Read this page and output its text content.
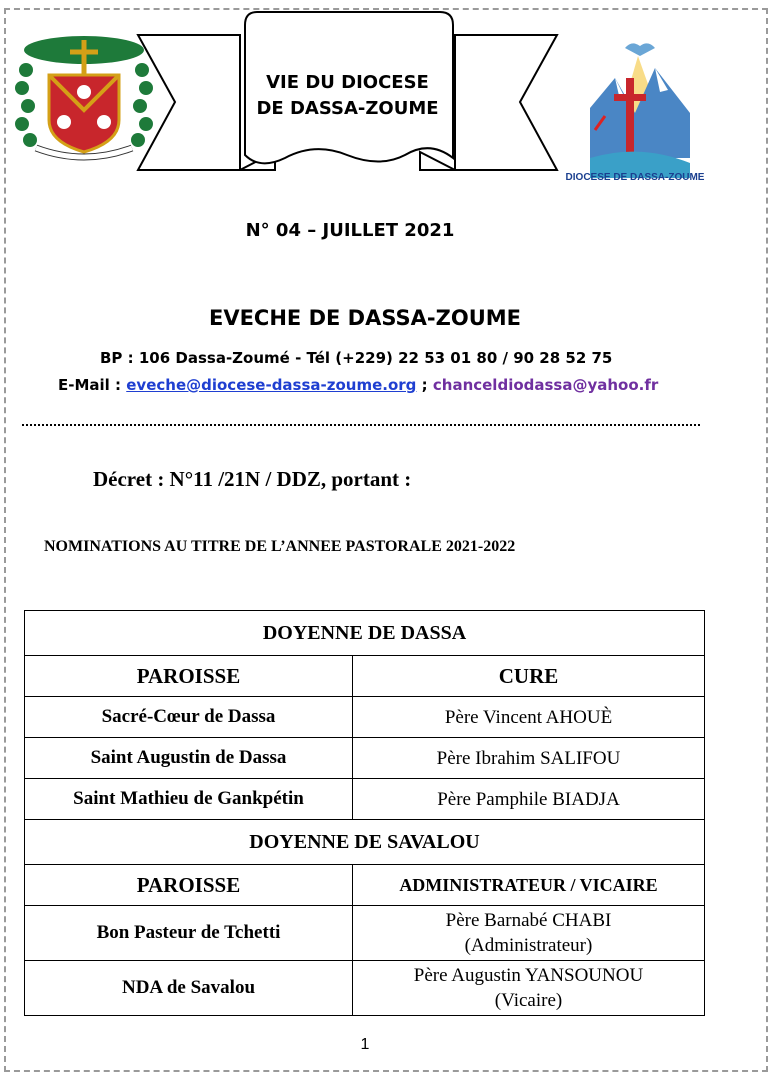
VIE DU DIOCESE
DE DASSA-ZOUME
DIOCESE DE DASSA-ZOUME
N° 04 – JUILLET 2021
EVECHE DE DASSA-ZOUME
BP : 106 Dassa-Zoumé - Tél (+229) 22 53 01 80 / 90 28 52 75
E-Mail : eveche@diocese-dassa-zoume.org ; chanceldiodassa@yahoo.fr
Décret : N°11 /21N / DDZ, portant :
NOMINATIONS AU TITRE DE L’ANNEE PASTORALE 2021-2022
DOYENNE DE DASSA	
PAROISSE	CURE
Sacré-Cœur de Dassa	Père Vincent AHOUÈ
Saint Augustin de Dassa	Père Ibrahim SALIFOU
Saint Mathieu de Gankpétin	Père Pamphile BIADJA
DOYENNE DE SAVALOU	
PAROISSE	ADMINISTRATEUR / VICAIRE
Bon Pasteur de Tchetti	Père Barnabé CHABI
(Administrateur)

NDA de Savalou	Père Augustin YANSOUNOU
(Vicaire)
1
